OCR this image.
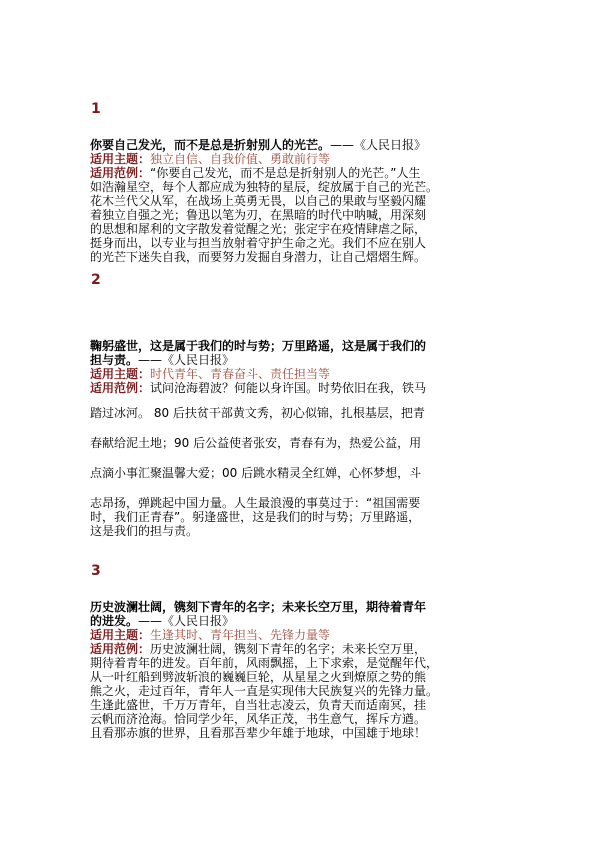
1
你要自己发光，而不是总是折射别人的光芒。——《人民日报》
适用主题：独立自信、自我价值、勇敢前行等
适用范例：“你要自己发光，而不是总是折射别人的光芒。”人生
如浩瀚星空，每个人都应成为独特的星辰，绽放属于自己的光芒。
花木兰代父从军，在战场上英勇无畏，以自己的果敢与坚毅闪耀
着独立自强之光；鲁迅以笔为刃，在黑暗的时代中呐喊，用深刻
的思想和犀利的文字散发着觉醒之光；张定宇在疫情肆虐之际，
挺身而出，以专业与担当放射着守护生命之光。我们不应在别人
的光芒下迷失自我，而要努力发掘自身潜力，让自己熠熠生辉。
2
鞠躬盛世，这是属于我们的时与势；万里路遥，这是属于我们的
担与责。——《人民日报》
适用主题：时代青年、青春奋斗、责任担当等
适用范例：试问沧海碧波？何能以身许国。时势依旧在我，铁马
踏过冰河。 80 后扶贫干部黄文秀，初心似锦，扎根基层，把青
春献给泥土地；90 后公益使者张安，青春有为，热爱公益，用
点滴小事汇聚温馨大爱；00 后跳水精灵全红婵，心怀梦想，斗
志昂扬，弹跳起中国力量。人生最浪漫的事莫过于：“祖国需要
时，我们正青春”。躬逢盛世，这是我们的时与势；万里路遥，
这是我们的担与责。
3
历史波澜壮阔，镌刻下青年的名字；未来长空万里，期待着青年
的进发。——《人民日报》
适用主题：生逢其时、青年担当、先锋力量等
适用范例：历史波澜壮阔，镌刻下青年的名字；未来长空万里，
期待着青年的进发。百年前，风雨飘摇，上下求索，是觉醒年代，
从一叶红船到劈波斩浪的巍巍巨轮，从星星之火到燎原之势的熊
熊之火，走过百年，青年人一直是实现伟大民族复兴的先锋力量。
生逢此盛世，千万万青年，自当壮志凌云，负青天而适南冥，挂
云帆而济沧海。恰同学少年，风华正茂，书生意气，挥斥方遒。
且看那赤旗的世界，且看那吾辈少年雄于地球，中国雄于地球！
